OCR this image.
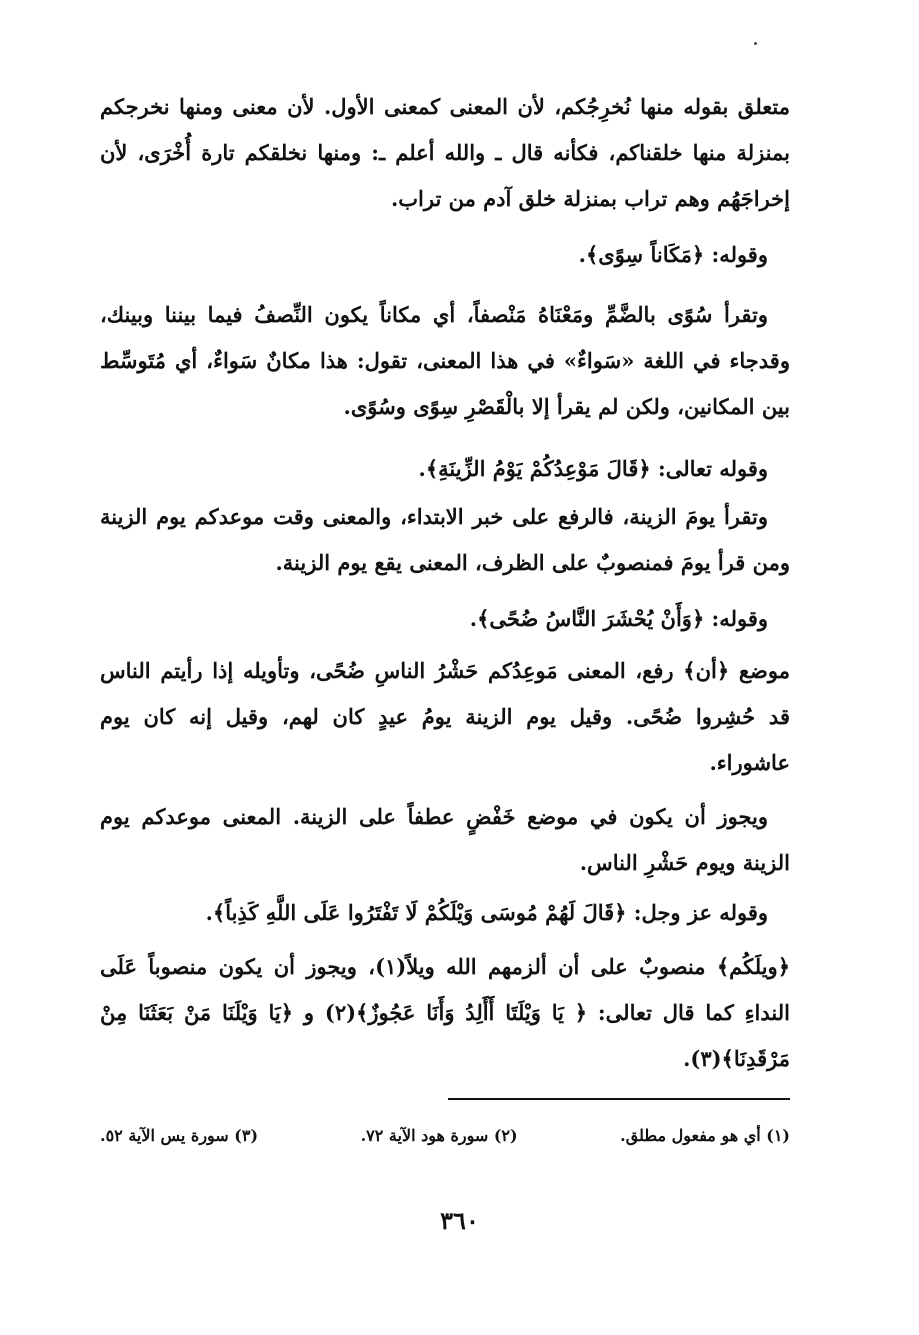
متعلق بقوله منها نُخرِجُكم، لأن المعنى كمعنى الأول. لأن معنى ومنها نخرجكم بمنزلة منها خلقناكم، فكأنه قال ـ والله أعلم ـ: ومنها نخلقكم تارة أُخْرَى، لأن إخراجَهُم وهم تراب بمنزلة خلق آدم من تراب.

وقوله: ﴿مَكَاناً سِوًى﴾.

وتقرأ سُوًى بالضَّمِّ ومَعْنَاهُ مَنْصفاً، أي مكاناً يكون النِّصفُ فيما بيننا وبينك، وقدجاء في اللغة «سَواءٌ» في هذا المعنى، تقول: هذا مكانٌ سَواءٌ، أي مُتَوسِّط بين المكانين، ولكن لم يقرأ إلا بالْقَصْرِ سِوًى وسُوًى.

وقوله تعالى: ﴿قَالَ مَوْعِدُكُمْ يَوْمُ الزِّينَةِ﴾.

وتقرأ يومَ الزينة، فالرفع على خبر الابتداء، والمعنى وقت موعدكم يوم الزينة ومن قرأ يومَ فمنصوبٌ على الظرف، المعنى يقع يوم الزينة.

وقوله: ﴿وَأَنْ يُحْشَرَ النَّاسُ ضُحًى﴾.

موضع ﴿أن﴾ رفع، المعنى مَوعِدُكم حَشْرُ الناسِ ضُحًى، وتأويله إذا رأيتم الناس قد حُشِروا ضُحًى. وقيل يوم الزينة يومُ عيدٍ كان لهم، وقيل إنه كان يوم عاشوراء.

ويجوز أن يكون في موضع خَفْضٍ عطفاً على الزينة. المعنى موعدكم يوم الزينة ويوم حَشْرِ الناس.

وقوله عز وجل: ﴿قَالَ لَهُمْ مُوسَى وَيْلَكُمْ لَا تَفْتَرُوا عَلَى اللَّهِ كَذِباً﴾.

﴿ويلَكُم﴾ منصوبٌ على أن ألزمهم الله ويلاً(١)، ويجوز أن يكون منصوباً عَلَى النداءِ كما قال تعالى: ﴿ يَا وَيْلَتَا أَأَلِدُ وَأَنَا عَجُوزٌ﴾(٢) و ﴿يَا وَيْلَنَا مَنْ بَعَثَنَا مِنْ مَرْقَدِنَا﴾(٣).

(١) أي هو مفعول مطلق.
(٢) سورة هود الآية ٧٢.
(٣) سورة يس الآية ٥٢.
٣٦٠
